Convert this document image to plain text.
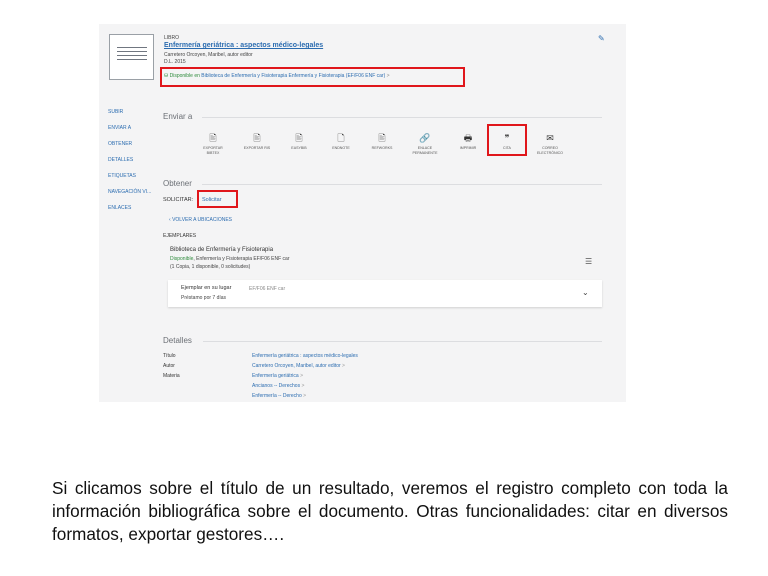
✎
LIBRO
Enfermería geriátrica : aspectos médico-legales
Carretero Orcoyen, Maribel, autor editor
D.L. 2015
⛁ Disponible en Biblioteca de Enfermería y Fisioterapia Enfermería y Fisioterapia (EF/F06 ENF car) >
SUBIR
ENVIAR A
OBTENER
DETALLES
ETIQUETAS
NAVEGACIÓN VI...
ENLACES
Enviar a
🖹
EXPORTAR
BIBTEX
🖹
EXPORTAR RIS
🖹
EASYBIB
🗋
ENDNOTE
🖹
REFWORKS
🔗
ENLACE
PERMANENTE
🖶
IMPRIMIR
❞
CITA
✉
CORREO
ELECTRÓNICO
Obtener
SOLICITAR: Solicitar
‹ VOLVER A UBICACIONES
EJEMPLARES
Biblioteca de Enfermería y Fisioterapia
Disponible, Enfermería y Fisioterapia EF/F06 ENF car
(1 Copia, 1 disponible, 0 solicitudes)
☰
Ejemplar en su lugar	EF/F06 ENF car
Préstamo por 7 días
⌄
Detalles
Título	Enfermería geriátrica : aspectos médico-legales
Autor	Carretero Orcoyen, Maribel, autor editor >
Materia	Enfermería geriátrica >
Ancianos -- Derechos >
Enfermería -- Derecho >
Si clicamos sobre el título de un resultado, veremos el registro completo con toda la información bibliográfica sobre el documento. Otras funcionalidades: citar en diversos formatos, exportar gestores….
